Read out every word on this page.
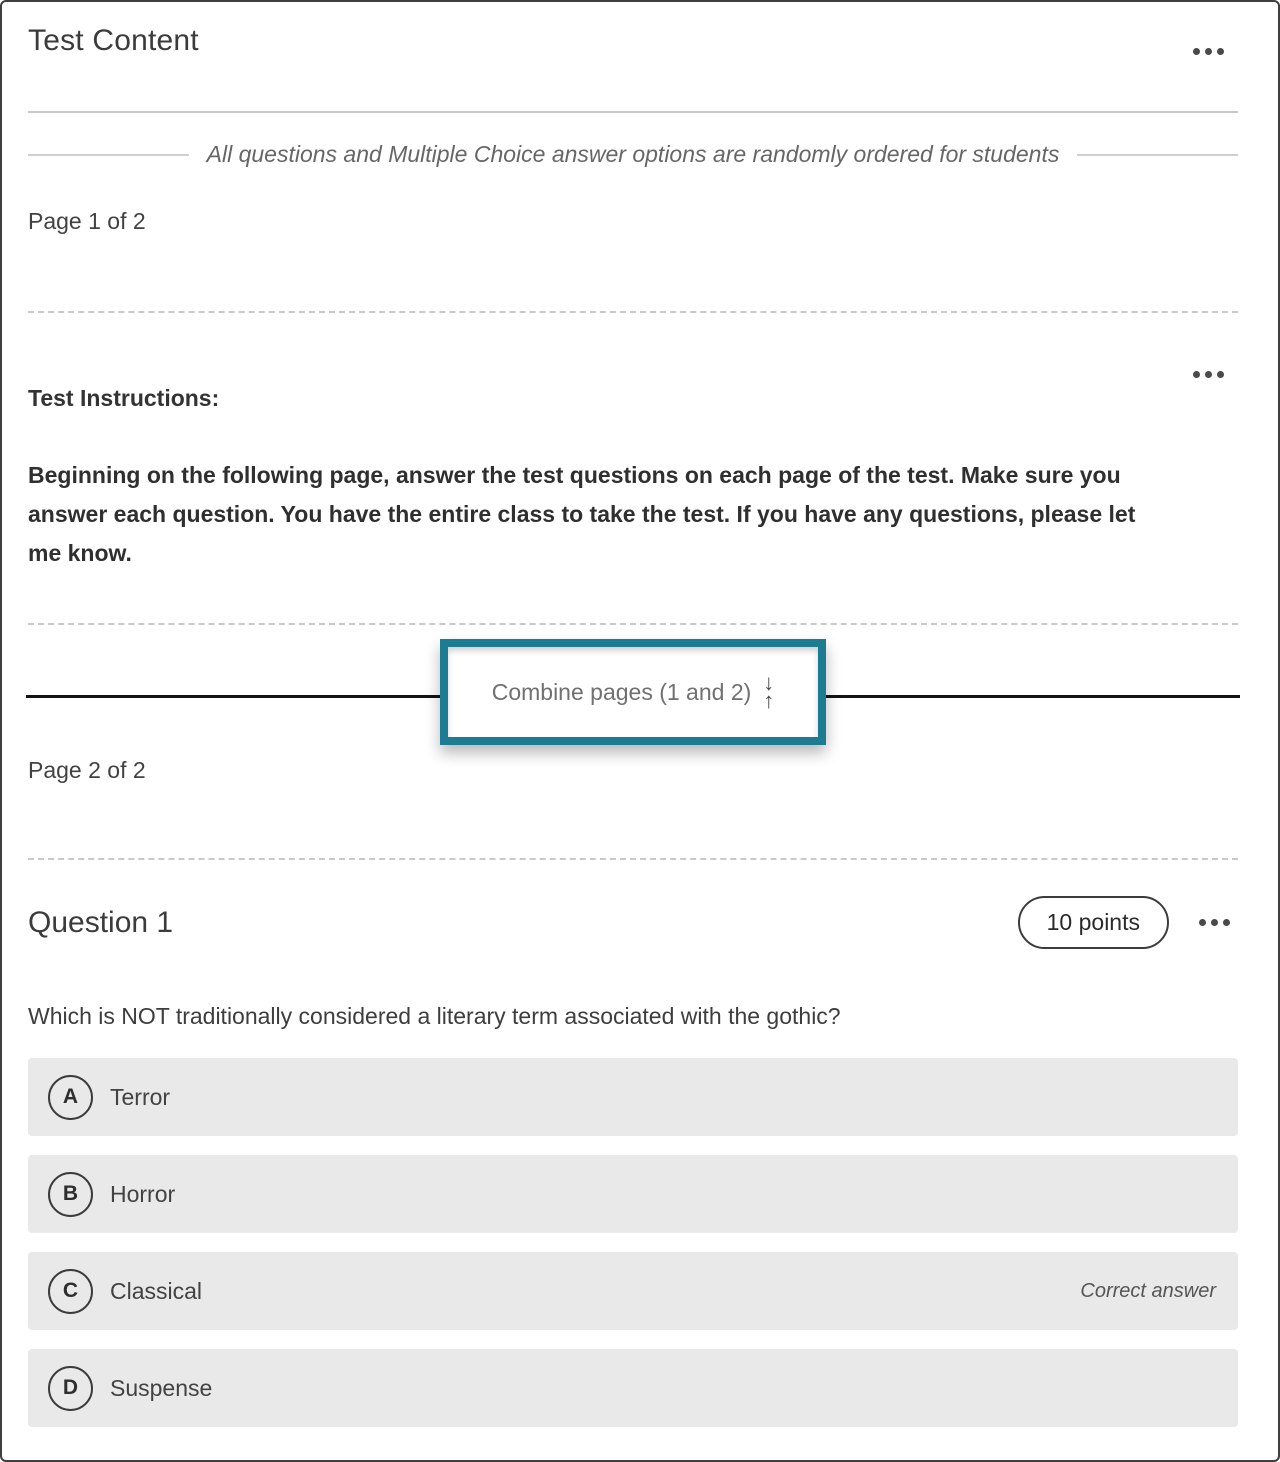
Test Content
All questions and Multiple Choice answer options are randomly ordered for students
Page 1 of 2
Test Instructions:

Beginning on the following page, answer the test questions on each page of the test. Make sure you answer each question. You have the entire class to take the test. If you have any questions, please let me know.

Combine pages (1 and 2) ↓
↑
Page 2 of 2
Question 1	10 points
Which is NOT traditionally considered a literary term associated with the gothic?
A	Terror
B	Horror
C	Classical	Correct answer
D	Suspense
